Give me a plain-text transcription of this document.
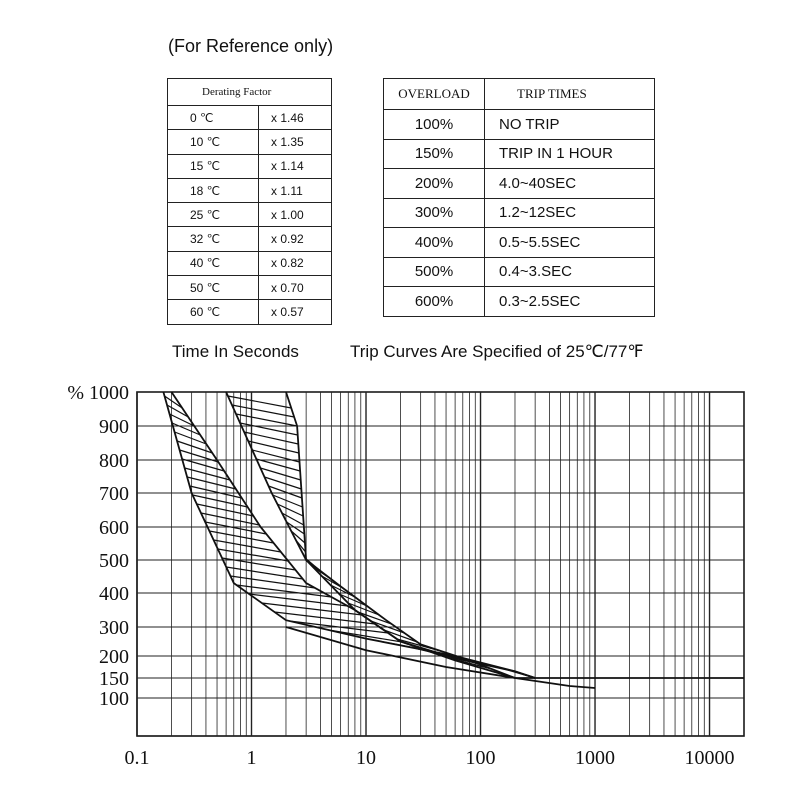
(For Reference only)
Derating Factor	
0 ℃	x 1.46
10 ℃	x 1.35
15 ℃	x 1.14
18 ℃	x 1.11
25 ℃	x 1.00
32 ℃	x 0.92
40 ℃	x 0.82
50 ℃	x 0.70
60 ℃	x 0.57
OVERLOAD	TRIP TIMES
100%	NO TRIP
150%	TRIP IN 1 HOUR
200%	4.0~40SEC
300%	1.2~12SEC
400%	0.5~5.5SEC
500%	0.4~3.SEC
600%	0.3~2.5SEC
Time In Seconds	Trip Curves Are Specified of 25℃/77℉
% 1000
900
800
700
600
500
400
300
200
150
100
0.1	1	10	100	1000	10000
